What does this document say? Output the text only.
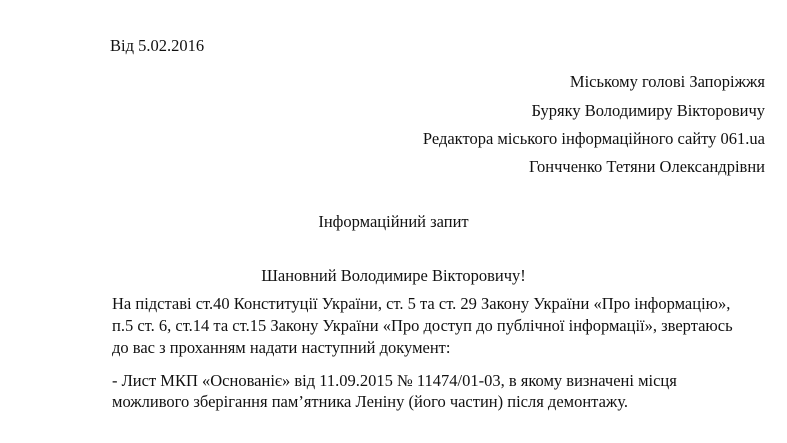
Від 5.02.2016
Міському голові Запоріжжя
Буряку Володимиру Вікторовичу
Редактора міського інформаційного сайту 061.ua
Гончченко Тетяни Олександрівни
Інформаційний запит
Шановний Володимире Вікторовичу!
На підставі ст.40 Конституції України, ст. 5 та ст. 29 Закону України «Про інформацію»,
п.5 ст. 6, ст.14 та ст.15 Закону України «Про доступ до публічної інформації», звертаюсь
до вас з проханням надати наступний документ:
- Лист МКП «Основаніє» від 11.09.2015 № 11474/01-03, в якому визначені місця
можливого зберігання пам’ятника Леніну (його частин) після демонтажу.
